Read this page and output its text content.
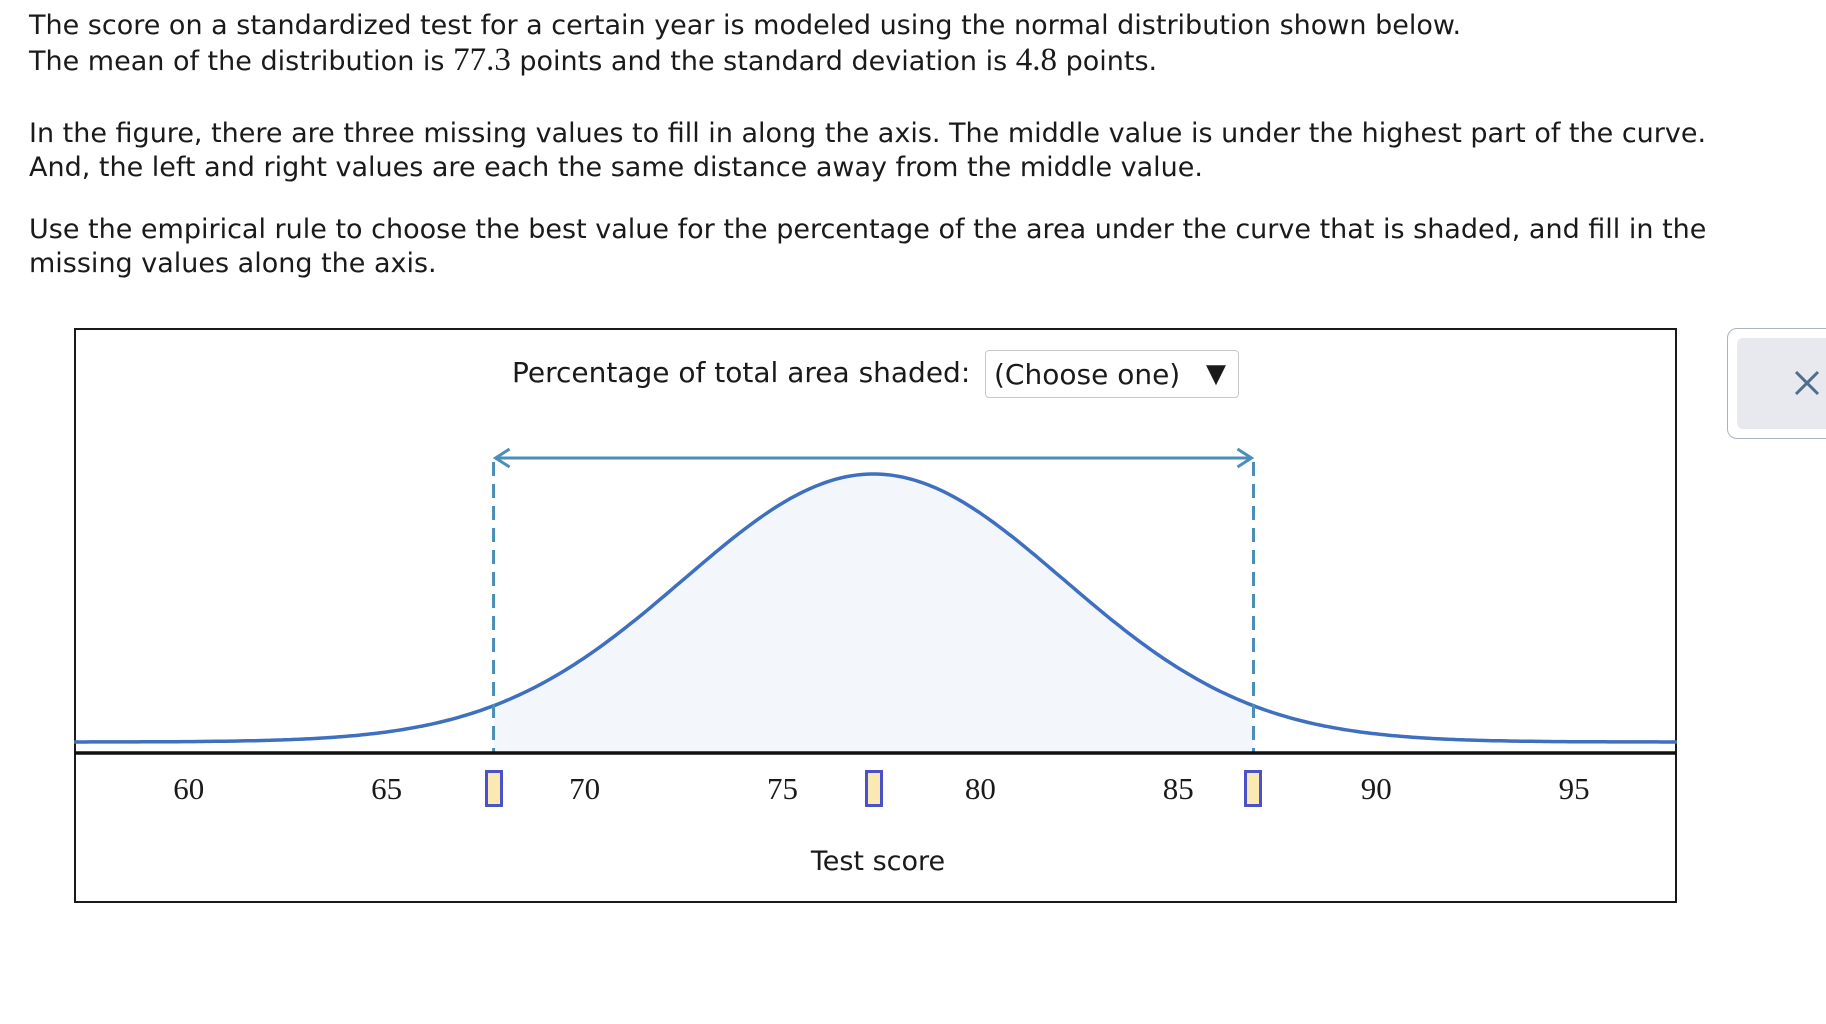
The score on a standardized test for a certain year is modeled using the normal distribution shown below.
The mean of the distribution is 77.3 points and the standard deviation is 4.8 points.

In the figure, there are three missing values to fill in along the axis. The middle value is under the highest part of the curve.
And, the left and right values are each the same distance away from the middle value.

Use the empirical rule to choose the best value for the percentage of the area under the curve that is shaded, and fill in the
missing values along the axis.

Percentage of total area shaded: (Choose one) ▼
60	65	70	75	80	85	90	95
Test score
